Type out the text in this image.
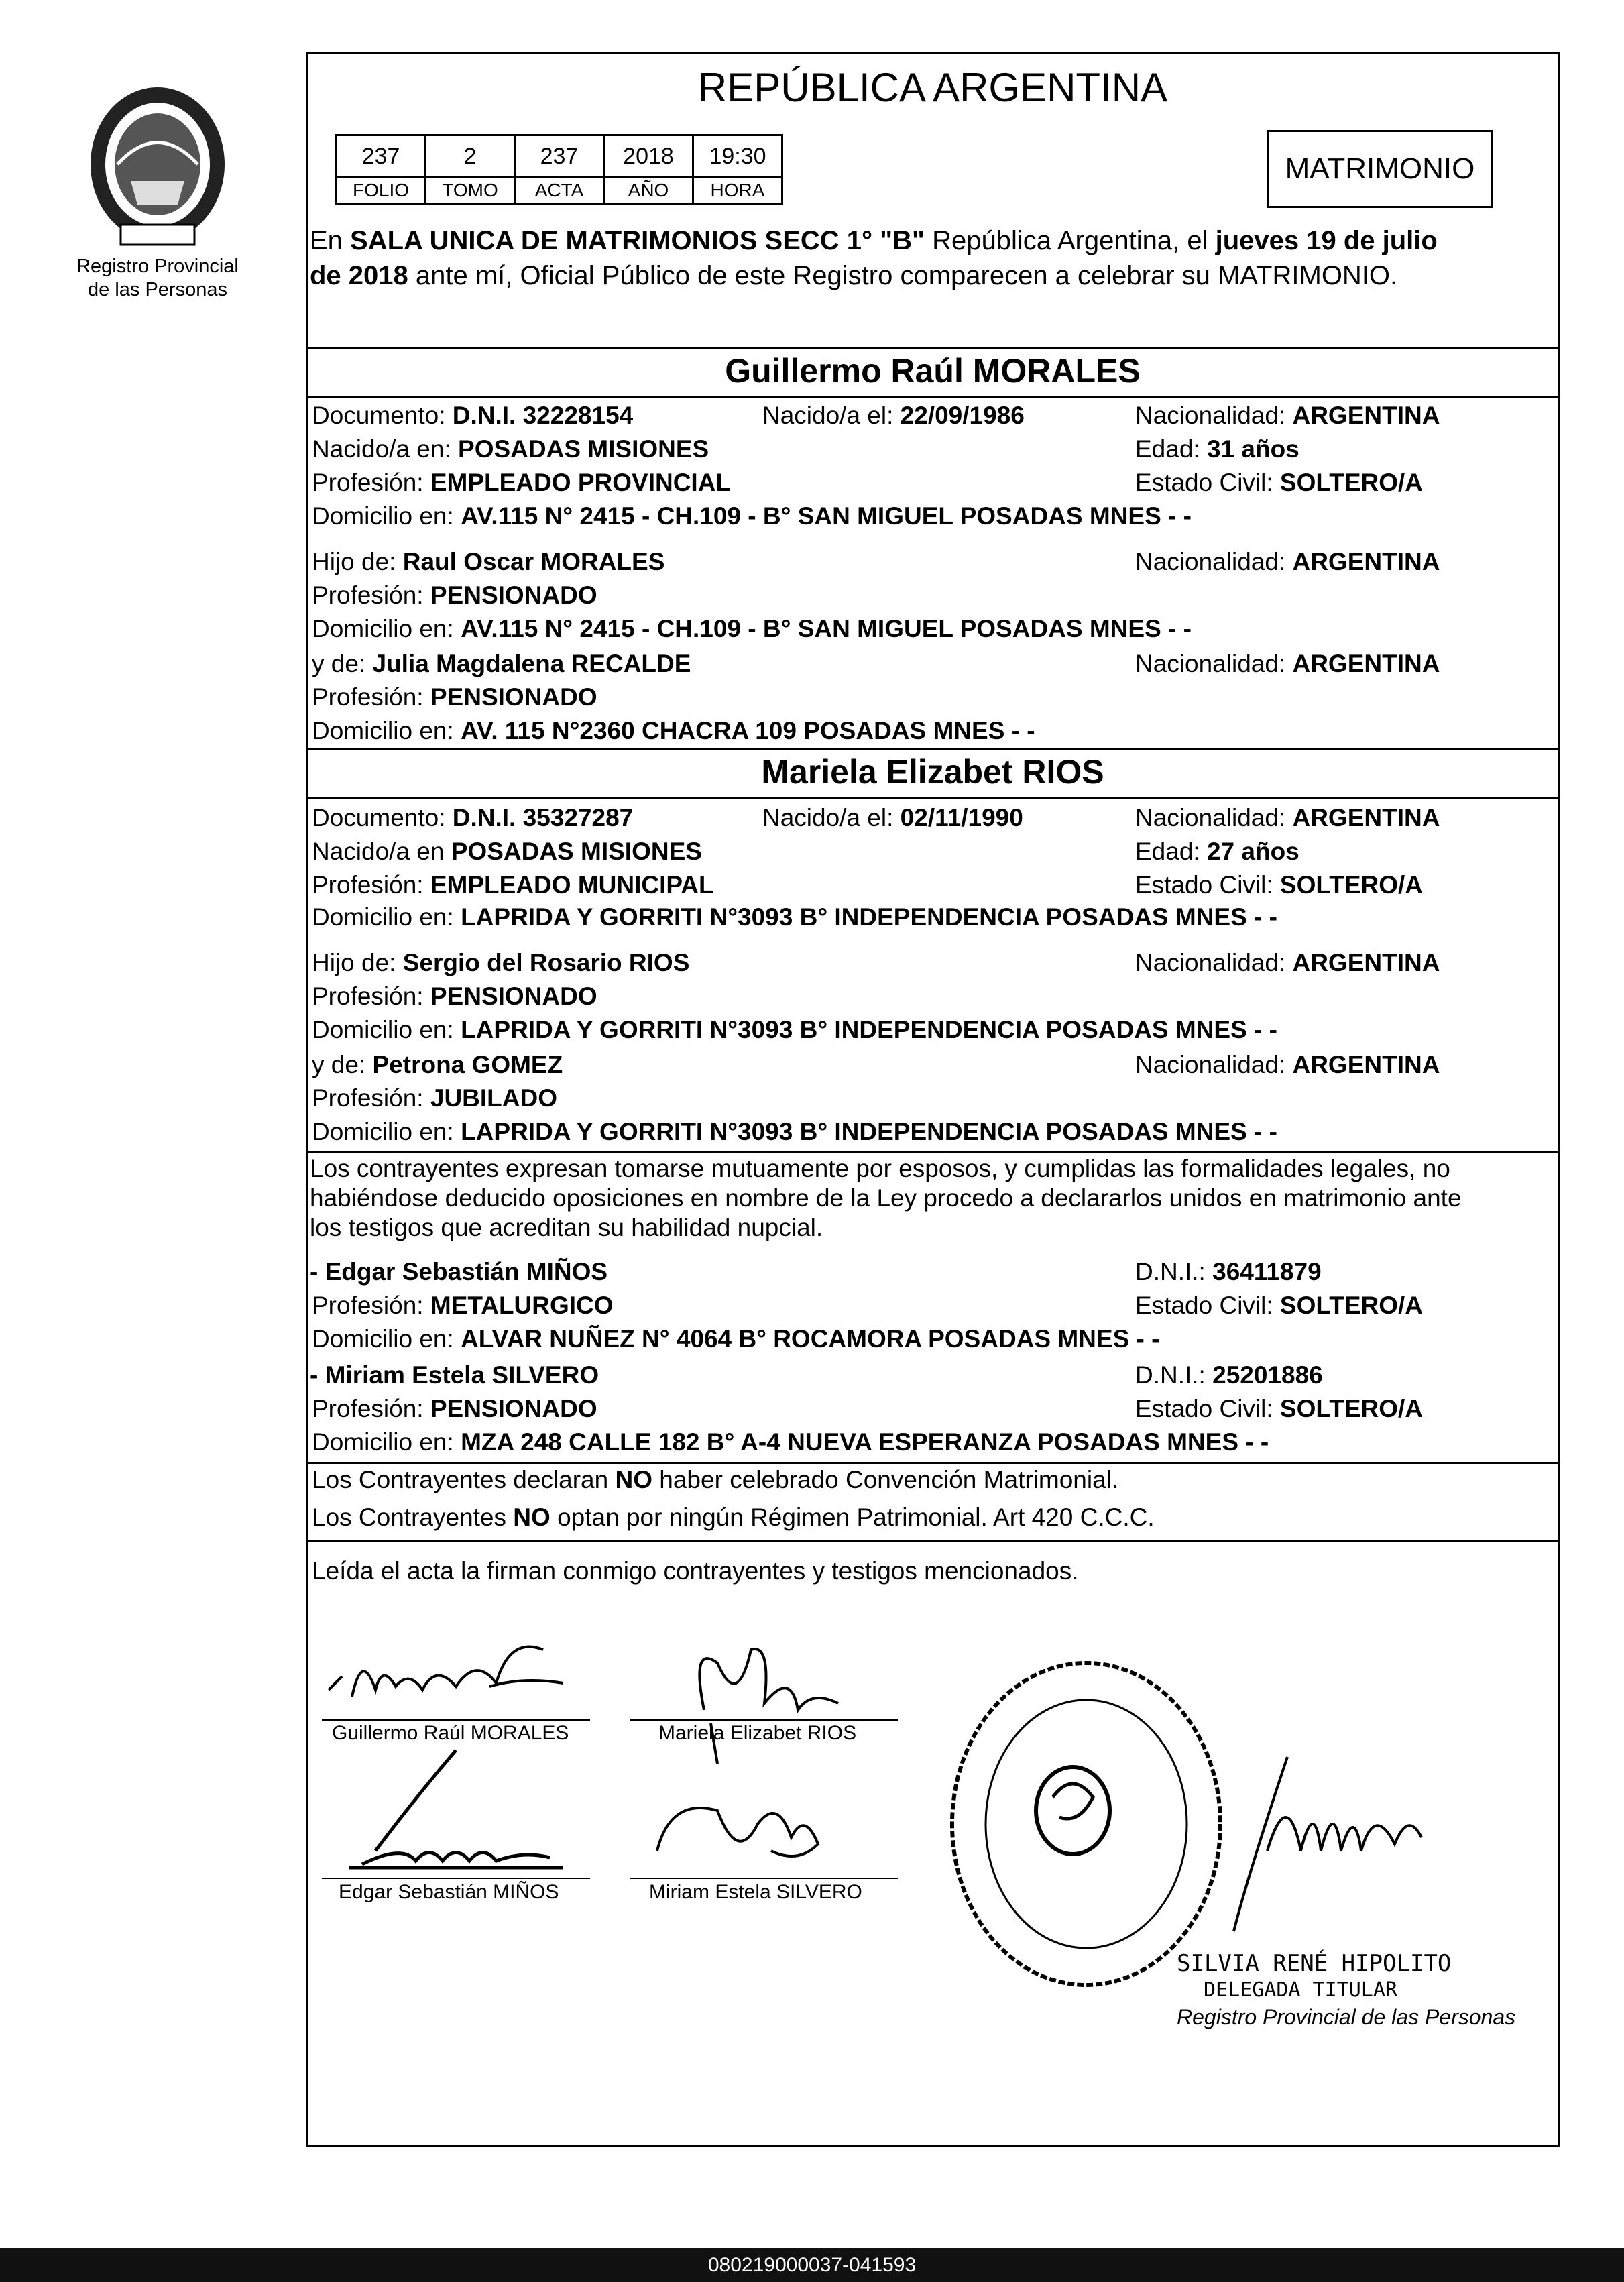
Registro Provincial
de las Personas
REPÚBLICA ARGENTINA
237	2	237	2018	19:30
FOLIO	TOMO	ACTA	AÑO	HORA
MATRIMONIO
En SALA UNICA DE MATRIMONIOS SECC 1° "B" República Argentina, el jueves 19 de julio
de 2018 ante mí, Oficial Público de este Registro comparecen a celebrar su MATRIMONIO.
Guillermo Raúl MORALES
Documento: D.N.I. 32228154	Nacido/a el: 22/09/1986	Nacionalidad: ARGENTINA
Nacido/a en: POSADAS MISIONES	Edad: 31 años
Profesión: EMPLEADO PROVINCIAL	Estado Civil: SOLTERO/A
Domicilio en: AV.115 N° 2415 - CH.109 - B° SAN MIGUEL POSADAS MNES - -
Hijo de: Raul Oscar MORALES	Nacionalidad: ARGENTINA
Profesión: PENSIONADO
Domicilio en: AV.115 N° 2415 - CH.109 - B° SAN MIGUEL POSADAS MNES - -
y de: Julia Magdalena RECALDE	Nacionalidad: ARGENTINA
Profesión: PENSIONADO
Domicilio en: AV. 115 N°2360 CHACRA 109 POSADAS MNES - -
Mariela Elizabet RIOS
Documento: D.N.I. 35327287	Nacido/a el: 02/11/1990	Nacionalidad: ARGENTINA
Nacido/a en POSADAS MISIONES	Edad: 27 años
Profesión: EMPLEADO MUNICIPAL	Estado Civil: SOLTERO/A
Domicilio en: LAPRIDA Y GORRITI N°3093 B° INDEPENDENCIA POSADAS MNES - -
Hijo de: Sergio del Rosario RIOS	Nacionalidad: ARGENTINA
Profesión: PENSIONADO
Domicilio en: LAPRIDA Y GORRITI N°3093 B° INDEPENDENCIA POSADAS MNES - -
y de: Petrona GOMEZ	Nacionalidad: ARGENTINA
Profesión: JUBILADO
Domicilio en: LAPRIDA Y GORRITI N°3093 B° INDEPENDENCIA POSADAS MNES - -
Los contrayentes expresan tomarse mutuamente por esposos, y cumplidas las formalidades legales, no
habiéndose deducido oposiciones en nombre de la Ley procedo a declararlos unidos en matrimonio ante
los testigos que acreditan su habilidad nupcial.
- Edgar Sebastián MIÑOS	D.N.I.: 36411879
Profesión: METALURGICO	Estado Civil: SOLTERO/A
Domicilio en: ALVAR NUÑEZ N° 4064 B° ROCAMORA POSADAS MNES - -
- Miriam Estela SILVERO	D.N.I.: 25201886
Profesión: PENSIONADO	Estado Civil: SOLTERO/A
Domicilio en: MZA 248 CALLE 182 B° A-4 NUEVA ESPERANZA POSADAS MNES - -
Los Contrayentes declaran NO haber celebrado Convención Matrimonial.
Los Contrayentes NO optan por ningún Régimen Patrimonial. Art 420 C.C.C.
Leída el acta la firman conmigo contrayentes y testigos mencionados.
Guillermo Raúl MORALES	Mariela Elizabet RIOS
Edgar Sebastián MIÑOS	Miriam Estela SILVERO
SILVIA RENÉ HIPOLITO
DELEGADA TITULAR
Registro Provincial de las Personas
080219000037-041593
